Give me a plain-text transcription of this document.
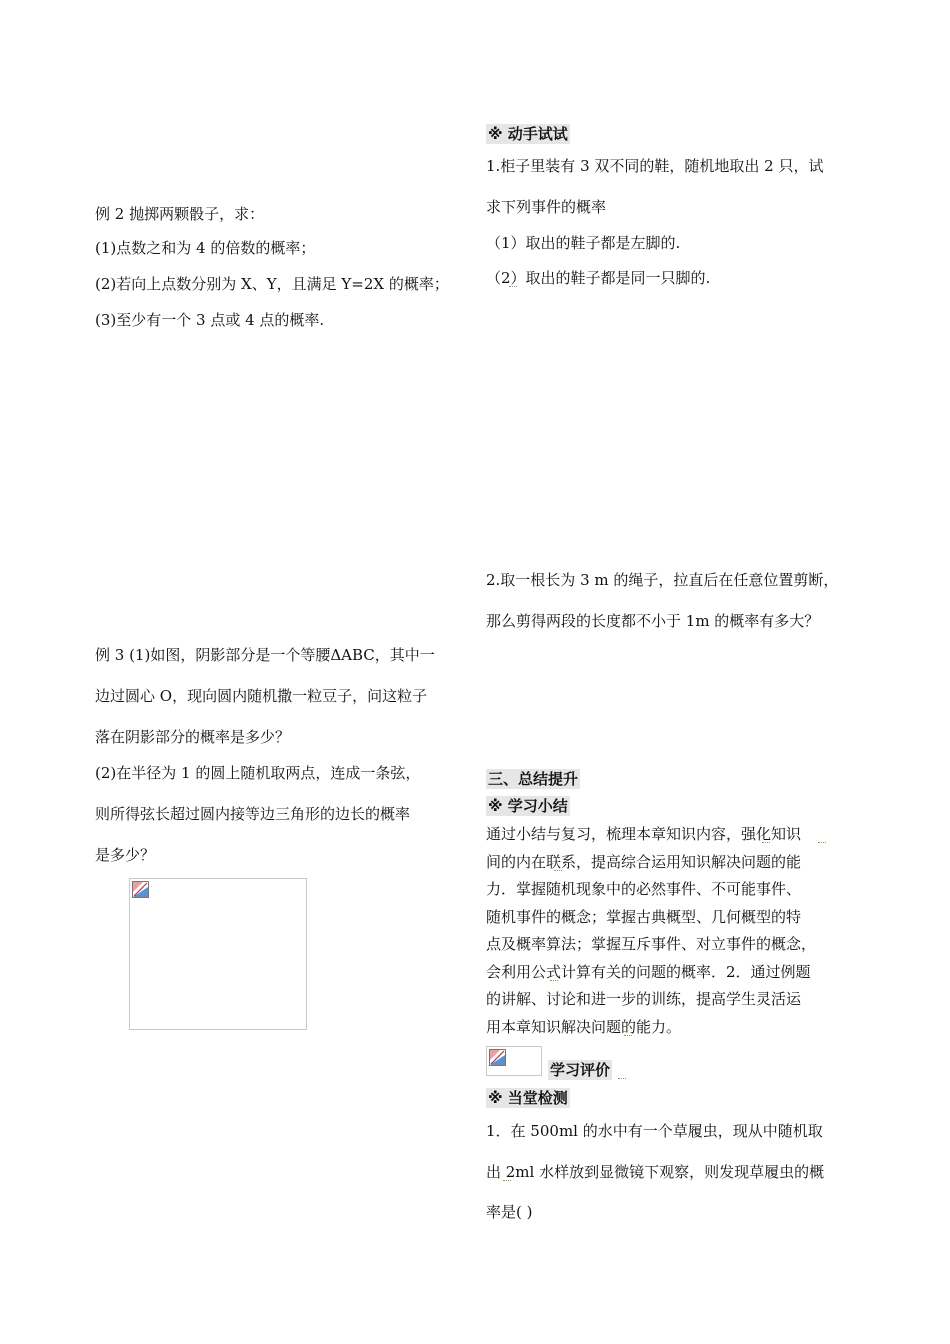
例 2 抛掷两颗骰子，求：
(1)点数之和为 4 的倍数的概率；
(2)若向上点数分别为 X、Y，且满足 Y=2X 的概率；
(3)至少有一个 3 点或 4 点的概率.
例 3 (1)如图，阴影部分是一个等腰ΔABC，其中一
边过圆心 O，现向圆内随机撒一粒豆子，问这粒子
落在阴影部分的概率是多少？
(2)在半径为 1 的圆上随机取两点，连成一条弦，
则所得弦长超过圆内接等边三角形的边长的概率
是多少？
※ 动手试试
1.柜子里装有 3 双不同的鞋，随机地取出 2 只，试
求下列事件的概率
（1）取出的鞋子都是左脚的.
（2）取出的鞋子都是同一只脚的.
2.取一根长为 3 m 的绳子，拉直后在任意位置剪断，
那么剪得两段的长度都不小于 1m 的概率有多大？
三、总结提升
※ 学习小结
通过小结与复习，梳理本章知识内容，强化知识
间的内在联系，提高综合运用知识解决问题的能
力．掌握随机现象中的必然事件、不可能事件、
随机事件的概念；掌握古典概型、几何概型的特
点及概率算法；掌握互斥事件、对立事件的概念，
会利用公式计算有关的问题的概率．2．通过例题
的讲解、讨论和进一步的训练，提高学生灵活运
用本章知识解决问题的能力。
学习评价
※ 当堂检测
1．在 500ml 的水中有一个草履虫，现从中随机取
出 2ml 水样放到显微镜下观察，则发现草履虫的概
率是( )
